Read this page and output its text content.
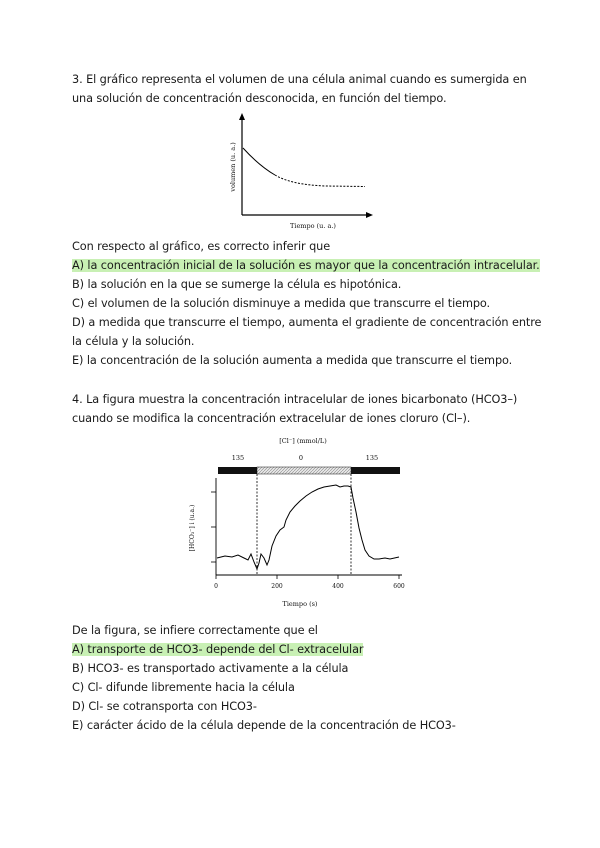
3. El gráfico representa el volumen de una célula animal cuando es sumergida en

una solución de concentración desconocida, en función del tiempo.

volumen (u. a.)
Tiempo (u. a.)
Con respecto al gráfico, es correcto inferir que
A) la concentración inicial de la solución es mayor que la concentración intracelular.
B) la solución en la que se sumerge la célula es hipotónica.
C) el volumen de la solución disminuye a medida que transcurre el tiempo.
D) a medida que transcurre el tiempo, aumenta el gradiente de concentración entre la célula y la solución.
E) la concentración de la solución aumenta a medida que transcurre el tiempo.

4. La figura muestra la concentración intracelular de iones bicarbonato (HCO3–)

cuando se modifica la concentración extracelular de iones cloruro (Cl–).

[Cl⁻] (mmol/L)
135	0	135
0	200	400	600
Tiempo (s)
[HCO₃⁻] i (u.a.)
De la figura, se infiere correctamente que el
A) transporte de HCO3- depende del Cl- extracelular
B) HCO3- es transportado activamente a la célula
C) Cl- difunde libremente hacia la célula
D) Cl- se cotransporta con HCO3-
E) carácter ácido de la célula depende de la concentración de HCO3-
